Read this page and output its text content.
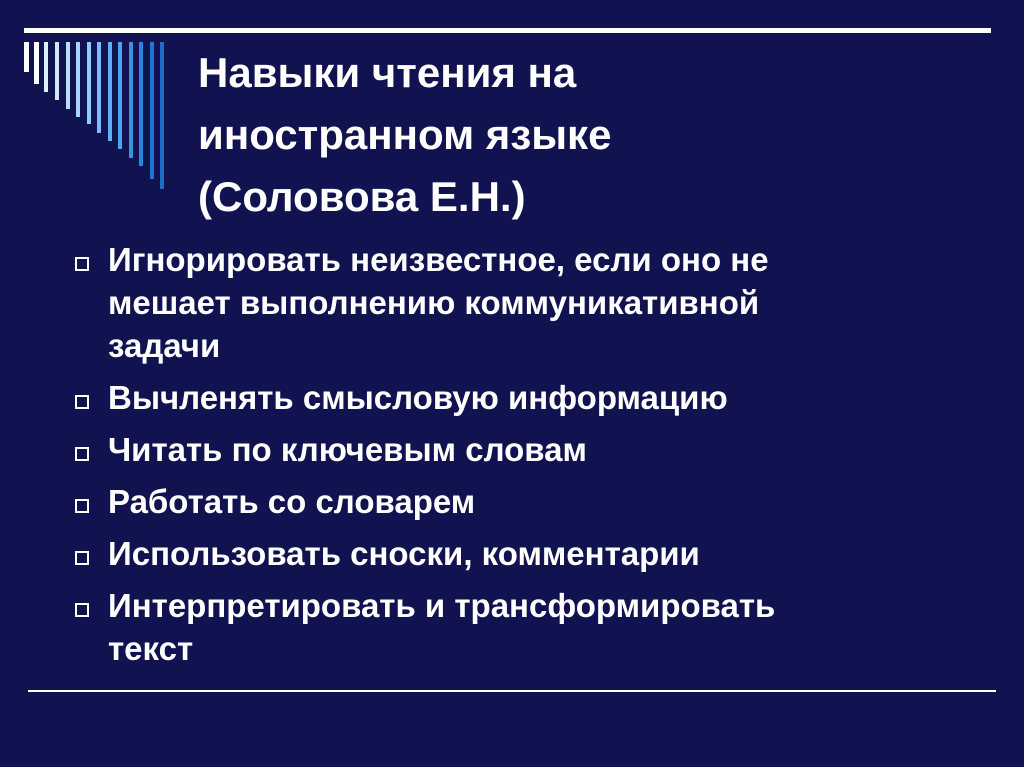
Навыки чтения на
иностранном языке
(Соловова Е.Н.)
Игнорировать неизвестное, если оно не
мешает выполнению коммуникативной
задачи
Вычленять смысловую информацию
Читать по ключевым словам
Работать со словарем
Использовать сноски, комментарии
Интерпретировать и трансформировать
текст
